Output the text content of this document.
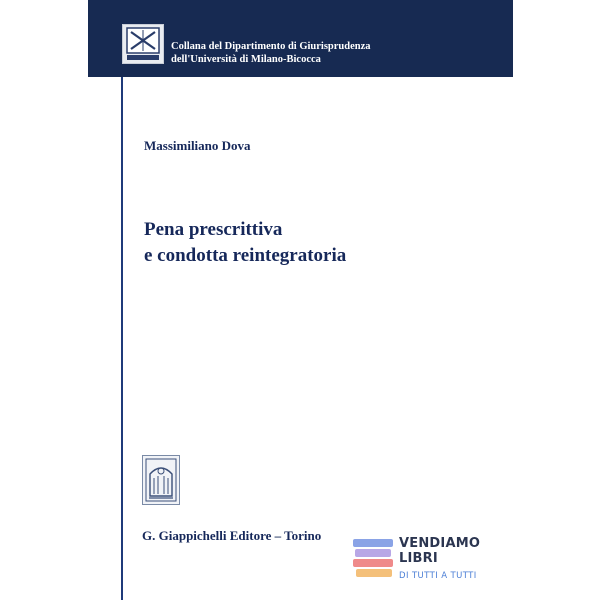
Collana del Dipartimento di Giurisprudenza
dell'Università di Milano-Bicocca
Massimiliano Dova
Pena prescrittiva
e condotta reintegratoria
G. Giappichelli Editore – Torino
VENDIAMO
LIBRI
DI TUTTI A TUTTI
